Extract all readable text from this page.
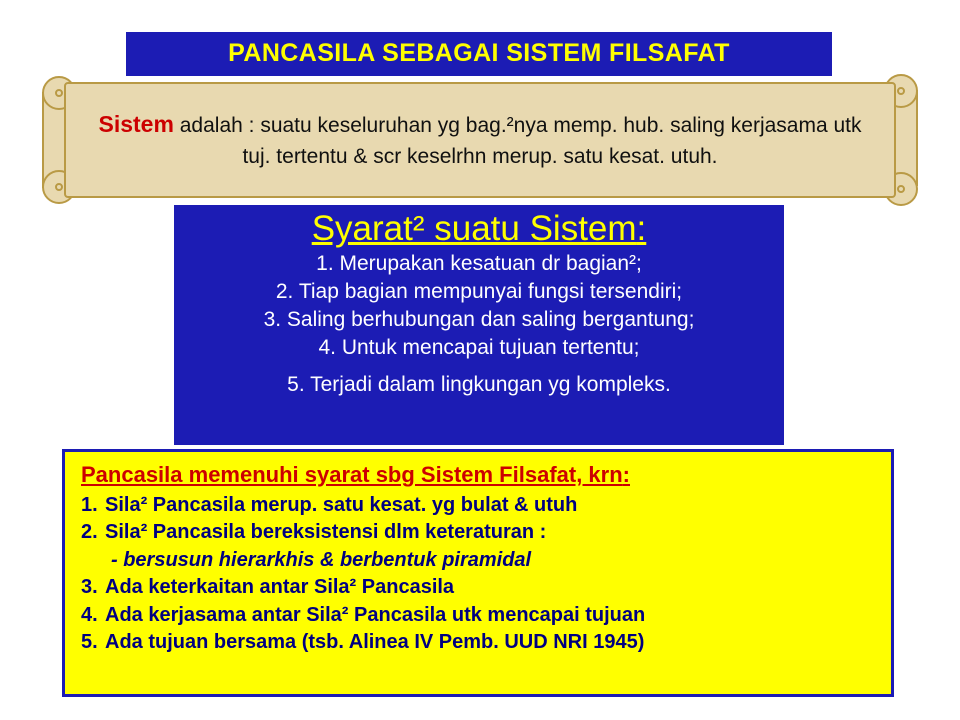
PANCASILA SEBAGAI SISTEM FILSAFAT
Sistem adalah : suatu keseluruhan yg bag.²nya memp. hub. saling kerjasama utk tuj. tertentu & scr keselrhn merup. satu kesat. utuh.
Syarat² suatu Sistem:
1. Merupakan kesatuan dr bagian²;
2. Tiap bagian mempunyai fungsi tersendiri;
3. Saling berhubungan dan saling bergantung;
4. Untuk mencapai tujuan tertentu;
5. Terjadi dalam lingkungan yg kompleks.
Pancasila memenuhi syarat sbg Sistem Filsafat, krn:
1. Sila² Pancasila merup. satu kesat. yg bulat & utuh
2. Sila² Pancasila bereksistensi dlm keteraturan :
- bersusun hierarkhis & berbentuk piramidal
3. Ada keterkaitan antar Sila² Pancasila
4. Ada kerjasama antar Sila² Pancasila utk mencapai tujuan
5. Ada tujuan bersama (tsb. Alinea IV Pemb. UUD NRI 1945)
